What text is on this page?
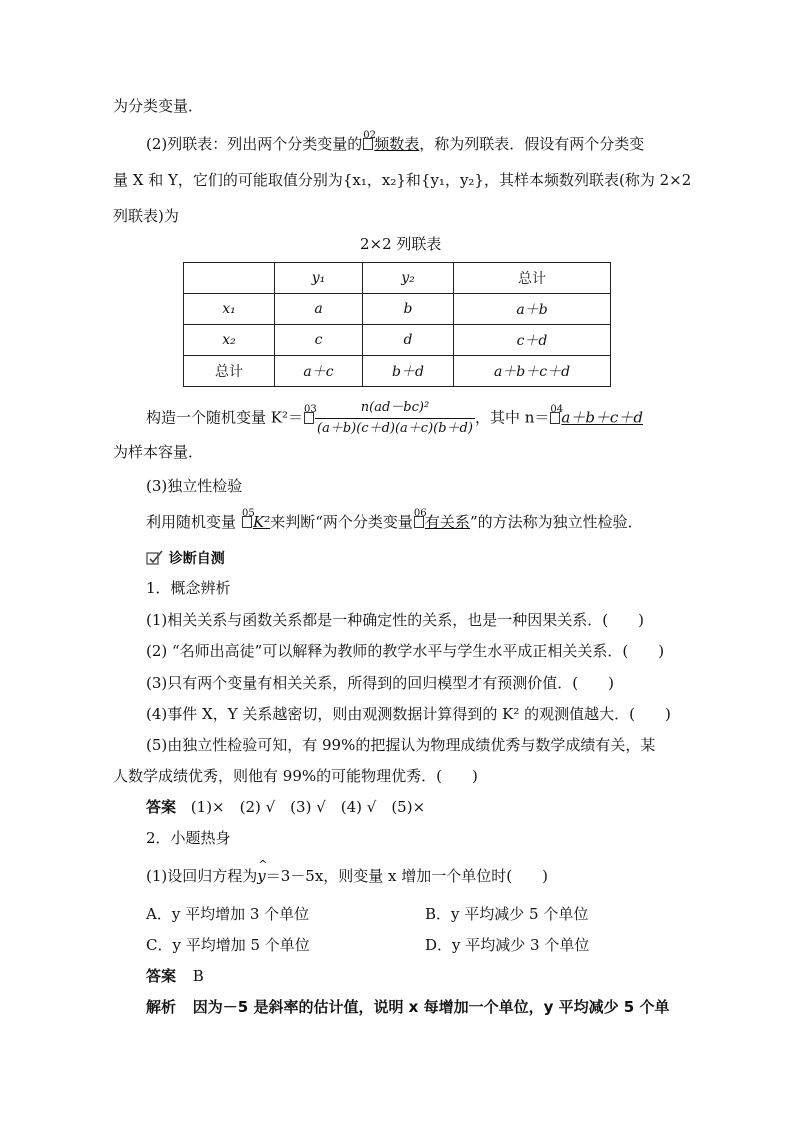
为分类变量．
(2)列联表：列出两个分类变量的 02
频数表，称为列联表．假设有两个分类变
量 X 和 Y，它们的可能取值分别为{x₁，x₂}和{y₁，y₂}，其样本频数列联表(称为 2×2
列联表)为
2×2 列联表
	y₁	y₂	总计
x₁	a	b	a＋b
x₂	c	d	c＋d
总计	a＋c	b＋d	a＋b＋c＋d
构造一个随机变量 K²＝ 03
$\frac{\text{n(ad－bc)²}}{(a+b)(c+d)(a+c)(b+d)}$ ，其中 n＝ 04
a＋b＋c＋d
为样本容量．
(3)独立性检验
利用随机变量 05
K²来判断“两个分类变量 06
有关系”的方法称为独立性检验．
诊断自测
1．概念辨析
(1)相关关系与函数关系都是一种确定性的关系，也是一种因果关系．(　　)
(2) “名师出高徒”可以解释为教师的教学水平与学生水平成正相关关系．(　　)
(3)只有两个变量有相关关系，所得到的回归模型才有预测价值．(　　)
(4)事件 X，Y 关系越密切，则由观测数据计算得到的 K² 的观测值越大．(　　)
(5)由独立性检验可知，有 99%的把握认为物理成绩优秀与数学成绩有关，某
人数学成绩优秀，则他有 99%的可能物理优秀．(　　)
答案 (1)×　(2) √　(3) √　(4) √　(5)×
2．小题热身
(1)设回归方程为^ y＝3－5x，则变量 x 增加一个单位时(　　)
A．y 平均增加 3 个单位	B．y 平均减少 5 个单位
C．y 平均增加 5 个单位	D．y 平均减少 3 个单位
答案 B
解析 因为－5 是斜率的估计值，说明 x 每增加一个单位，y 平均减少 5 个单
